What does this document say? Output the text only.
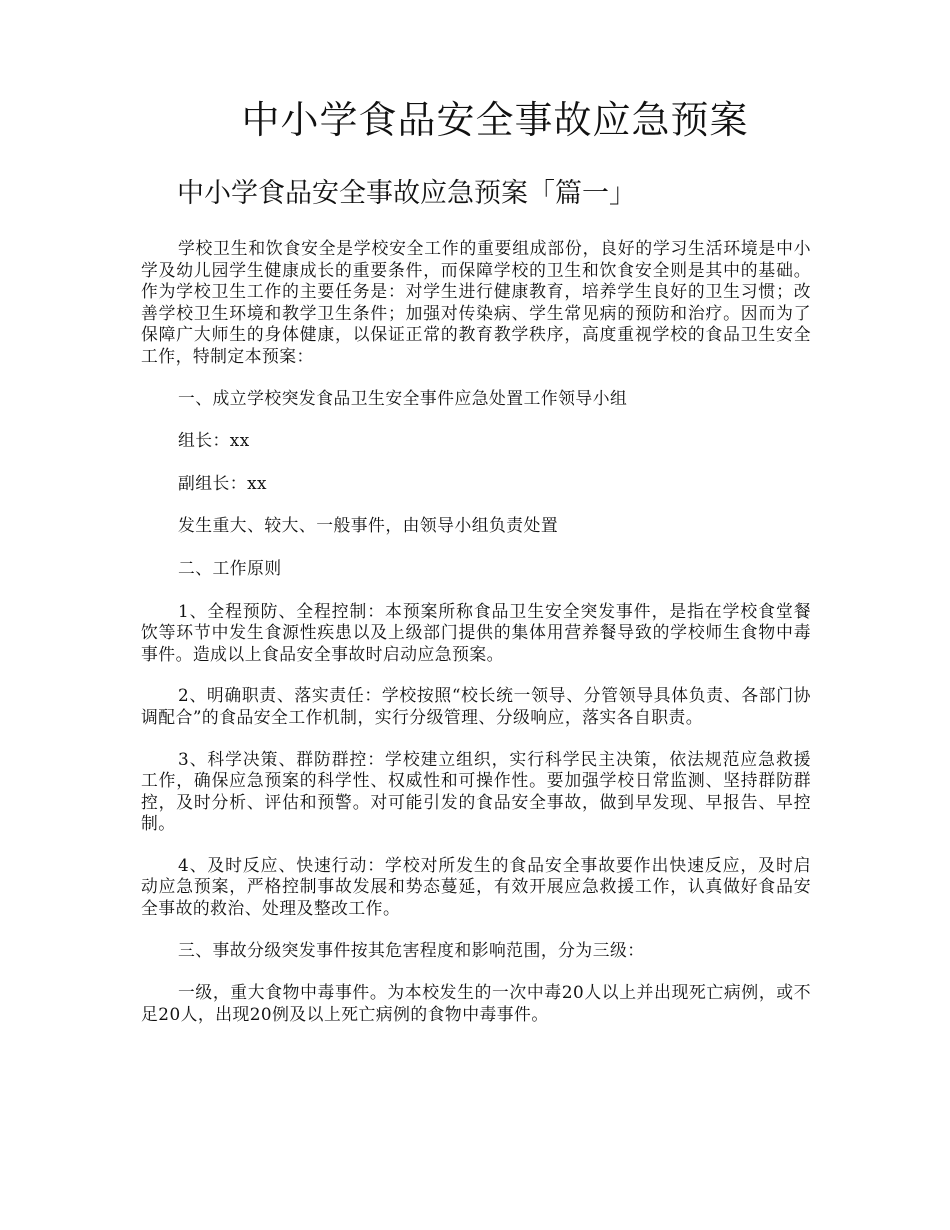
中小学食品安全事故应急预案
中小学食品安全事故应急预案「篇一」

学校卫生和饮食安全是学校安全工作的重要组成部份，良好的学习生活环境是中小学及幼儿园学生健康成长的重要条件，而保障学校的卫生和饮食安全则是其中的基础。作为学校卫生工作的主要任务是：对学生进行健康教育，培养学生良好的卫生习惯；改善学校卫生环境和教学卫生条件；加强对传染病、学生常见病的预防和治疗。因而为了保障广大师生的身体健康，以保证正常的教育教学秩序，高度重视学校的食品卫生安全工作，特制定本预案：

一、成立学校突发食品卫生安全事件应急处置工作领导小组

组长：xx

副组长：xx

发生重大、较大、一般事件，由领导小组负责处置

二、工作原则

1、全程预防、全程控制：本预案所称食品卫生安全突发事件，是指在学校食堂餐饮等环节中发生食源性疾患以及上级部门提供的集体用营养餐导致的学校师生食物中毒事件。造成以上食品安全事故时启动应急预案。

2、明确职责、落实责任：学校按照“校长统一领导、分管领导具体负责、各部门协调配合”的食品安全工作机制，实行分级管理、分级响应，落实各自职责。

3、科学决策、群防群控：学校建立组织，实行科学民主决策，依法规范应急救援工作，确保应急预案的科学性、权威性和可操作性。要加强学校日常监测、坚持群防群控，及时分析、评估和预警。对可能引发的食品安全事故，做到早发现、早报告、早控制。

4、及时反应、快速行动：学校对所发生的食品安全事故要作出快速反应，及时启动应急预案，严格控制事故发展和势态蔓延，有效开展应急救援工作，认真做好食品安全事故的救治、处理及整改工作。

三、事故分级突发事件按其危害程度和影响范围，分为三级：

一级，重大食物中毒事件。为本校发生的一次中毒20人以上并出现死亡病例，或不足20人，出现20例及以上死亡病例的食物中毒事件。
